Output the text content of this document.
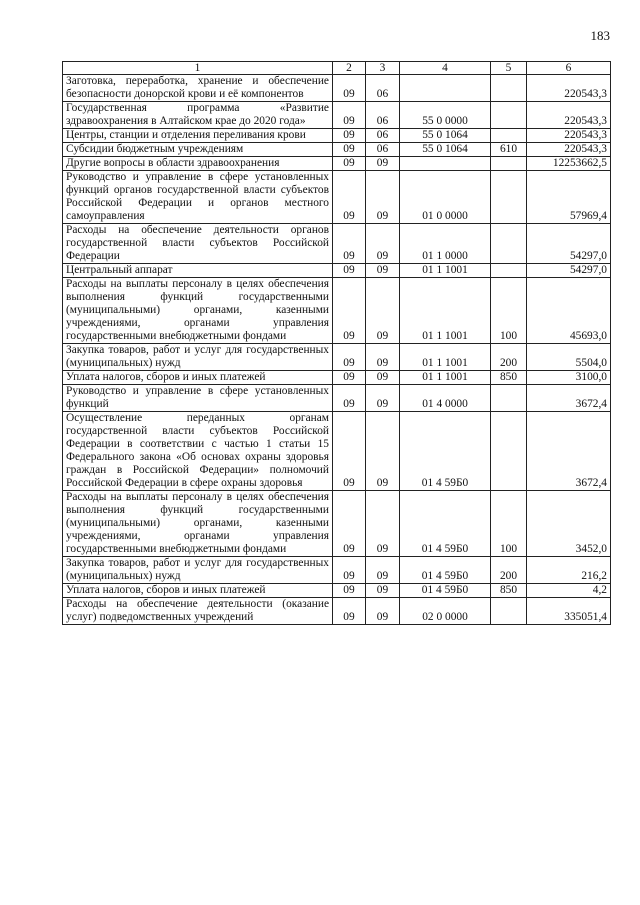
183
1	2	3	4	5	6
Заготовка, переработка, хранение и обеспечение безопасности донорской крови и её компонентов	09	06			220543,3
Государственная программа «Развитие здравоохранения в Алтайском крае до 2020 года»	09	06	55 0 0000		220543,3
Центры, станции и отделения переливания крови	09	06	55 0 1064		220543,3
Субсидии бюджетным учреждениям	09	06	55 0 1064	610	220543,3
Другие вопросы в области здравоохранения	09	09			12253662,5
Руководство и управление в сфере установленных функций органов государственной власти субъектов Российской Федерации и органов местного самоуправления	09	09	01 0 0000		57969,4
Расходы на обеспечение деятельности органов государственной власти субъектов Российской Федерации	09	09	01 1 0000		54297,0
Центральный аппарат	09	09	01 1 1001		54297,0
Расходы на выплаты персоналу в целях обеспечения выполнения функций государственными (муниципальными) органами, казенными учреждениями, органами управления государственными внебюджетными фондами	09	09	01 1 1001	100	45693,0
Закупка товаров, работ и услуг для государственных (муниципальных) нужд	09	09	01 1 1001	200	5504,0
Уплата налогов, сборов и иных платежей	09	09	01 1 1001	850	3100,0
Руководство и управление в сфере установленных функций	09	09	01 4 0000		3672,4
Осуществление переданных органам государственной власти субъектов Российской Федерации в соответствии с частью 1 статьи 15 Федерального закона «Об основах охраны здоровья граждан в Российской Федерации» полномочий Российской Федерации в сфере охраны здоровья	09	09	01 4 59Б0		3672,4
Расходы на выплаты персоналу в целях обеспечения выполнения функций государственными (муниципальными) органами, казенными учреждениями, органами управления государственными внебюджетными фондами	09	09	01 4 59Б0	100	3452,0
Закупка товаров, работ и услуг для государственных (муниципальных) нужд	09	09	01 4 59Б0	200	216,2
Уплата налогов, сборов и иных платежей	09	09	01 4 59Б0	850	4,2
Расходы на обеспечение деятельности (оказание услуг) подведомственных учреждений	09	09	02 0 0000		335051,4
